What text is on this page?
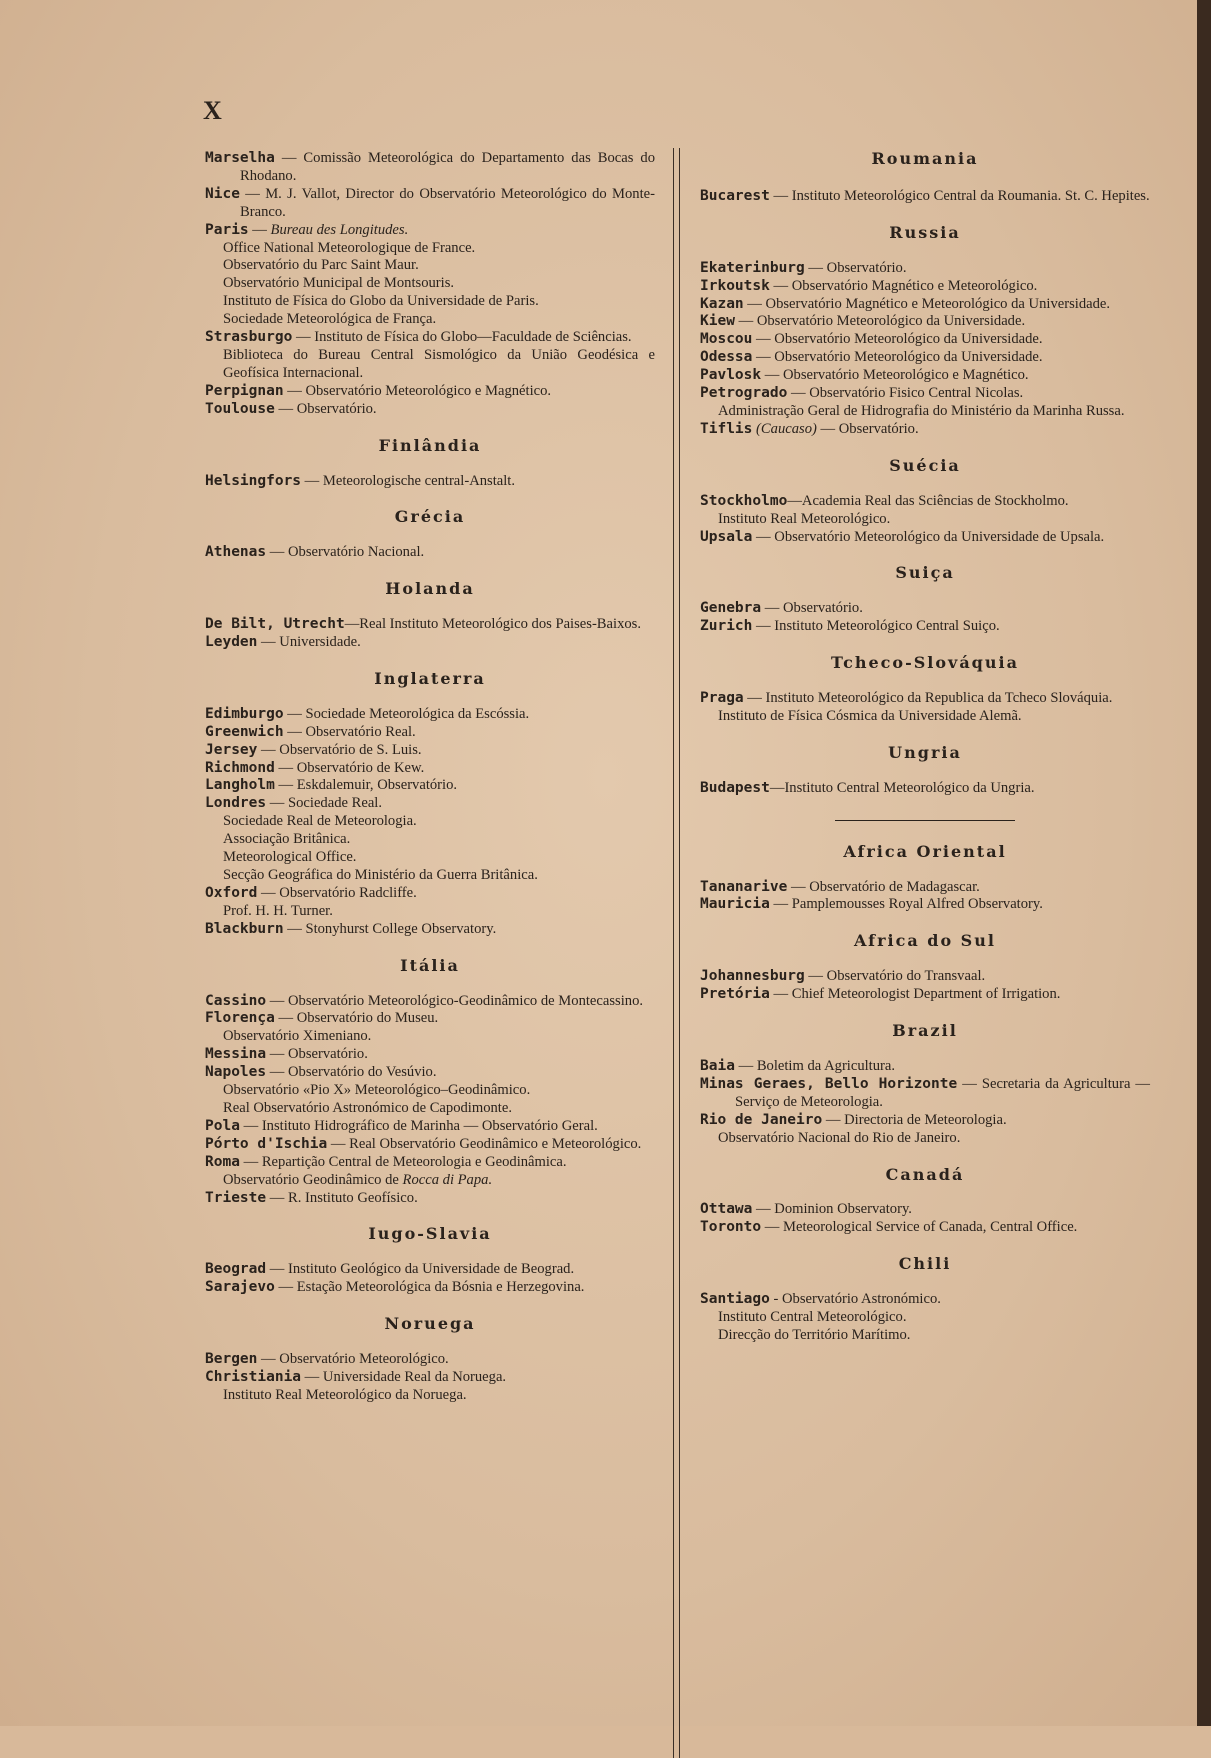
X
Marselha — Comissão Meteorológica do Departamento das Bocas do Rhodano.
Nice — M. J. Vallot, Director do Observatório Meteorológico do Monte-Branco.
Paris — Bureau des Longitudes.
Office National Meteorologique de France.
Observatório du Parc Saint Maur.
Observatório Municipal de Montsouris.
Instituto de Física do Globo da Universidade de Paris.
Sociedade Meteorológica de França.
Strasburgo — Instituto de Física do Globo—Faculdade de Sciências.
Biblioteca do Bureau Central Sismológico da União Geodésica e Geofísica Internacional.
Perpignan — Observatório Meteorológico e Magnético.
Toulouse — Observatório.
Finlândia
Helsingfors — Meteorologische central-Anstalt.
Grécia
Athenas — Observatório Nacional.
Holanda
De Bilt, Utrecht—Real Instituto Meteorológico dos Paises-Baixos.
Leyden — Universidade.
Inglaterra
Edimburgo — Sociedade Meteorológica da Escóssia.
Greenwich — Observatório Real.
Jersey — Observatório de S. Luis.
Richmond — Observatório de Kew.
Langholm — Eskdalemuir, Observatório.
Londres — Sociedade Real.
Sociedade Real de Meteorologia.
Associação Britânica.
Meteorological Office.
Secção Geográfica do Ministério da Guerra Britânica.
Oxford — Observatório Radcliffe.
Prof. H. H. Turner.
Blackburn — Stonyhurst College Observatory.
Itália
Cassino — Observatório Meteorológico-Geodinâmico de Montecassino.
Florença — Observatório do Museu.
Observatório Ximeniano.
Messina — Observatório.
Napoles — Observatório do Vesúvio.
Observatório «Pio X» Meteorológico–Geodinâmico.
Real Observatório Astronómico de Capodimonte.
Pola — Instituto Hidrográfico de Marinha — Observatório Geral.
Pórto d'Ischia — Real Observatório Geodinâmico e Meteorológico.
Roma — Repartição Central de Meteorologia e Geodinâmica.
Observatório Geodinâmico de Rocca di Papa.
Trieste — R. Instituto Geofísico.
Iugo-Slavia
Beograd — Instituto Geológico da Universidade de Beograd.
Sarajevo — Estação Meteorológica da Bósnia e Herzegovina.
Noruega
Bergen — Observatório Meteorológico.
Christiania — Universidade Real da Noruega.
Instituto Real Meteorológico da Noruega.
Roumania
Bucarest — Instituto Meteorológico Central da Roumania. St. C. Hepites.
Russia
Ekaterinburg — Observatório.
Irkoutsk — Observatório Magnético e Meteorológico.
Kazan — Observatório Magnético e Meteorológico da Universidade.
Kiew — Observatório Meteorológico da Universidade.
Moscou — Observatório Meteorológico da Universidade.
Odessa — Observatório Meteorológico da Universidade.
Pavlosk — Observatório Meteorológico e Magnético.
Petrogrado — Observatório Fisico Central Nicolas.
Administração Geral de Hidrografia do Ministério da Marinha Russa.
Tiflis (Caucaso) — Observatório.
Suécia
Stockholmo—Academia Real das Sciências de Stockholmo.
Instituto Real Meteorológico.
Upsala — Observatório Meteorológico da Universidade de Upsala.
Suiça
Genebra — Observatório.
Zurich — Instituto Meteorológico Central Suiço.
Tcheco-Slováquia
Praga — Instituto Meteorológico da Republica da Tcheco Slováquia.
Instituto de Física Cósmica da Universidade Alemã.
Ungria
Budapest—Instituto Central Meteorológico da Ungria.
Africa Oriental
Tananarive — Observatório de Madagascar.
Mauricia — Pamplemousses Royal Alfred Observatory.
Africa do Sul
Johannesburg — Observatório do Transvaal.
Pretória — Chief Meteorologist Department of Irrigation.
Brazil
Baia — Boletim da Agricultura.
Minas Geraes, Bello Horizonte — Secretaria da Agricultura — Serviço de Meteorologia.
Rio de Janeiro — Directoria de Meteorologia.
Observatório Nacional do Rio de Janeiro.
Canadá
Ottawa — Dominion Observatory.
Toronto — Meteorological Service of Canada, Central Office.
Chili
Santiago - Observatório Astronómico.
Instituto Central Meteorológico.
Direcção do Território Marítimo.
